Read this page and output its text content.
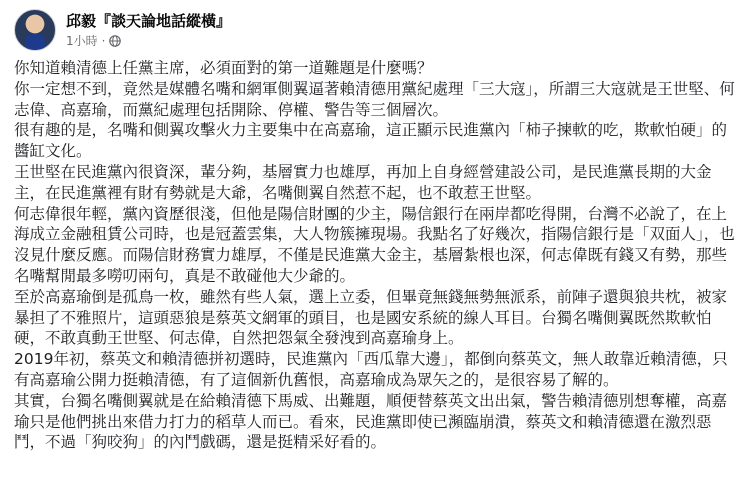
邱毅『談天論地話縱橫』
1小時 ·

你知道賴清德上任黨主席，必須面對的第一道難題是什麼嗎？

你一定想不到，竟然是媒體名嘴和網軍側翼逼著賴清德用黨紀處理「三大寇」，所謂三大寇就是王世堅、何志偉、高嘉瑜，而黨紀處理包括開除、停權、警告等三個層次。

很有趣的是，名嘴和側翼攻擊火力主要集中在高嘉瑜，這正顯示民進黨內「柿子揀軟的吃，欺軟怕硬」的醬缸文化。

王世堅在民進黨內很資深，輩分夠，基層實力也雄厚，再加上自身經營建設公司，是民進黨長期的大金主，在民進黨裡有財有勢就是大爺，名嘴側翼自然惹不起，也不敢惹王世堅。

何志偉很年輕，黨內資歷很淺，但他是陽信財團的少主，陽信銀行在兩岸都吃得開，台灣不必說了，在上海成立金融租賃公司時，也是冠蓋雲集，大人物簇擁現場。我點名了好幾次，指陽信銀行是「双面人」，也沒見什麼反應。而陽信財務實力雄厚，不僅是民進黨大金主，基層紮根也深，何志偉既有錢又有勢，那些名嘴幫閒最多嘮叨兩句，真是不敢碰他大少爺的。

至於高嘉瑜倒是孤鳥一枚，雖然有些人氣，選上立委，但畢竟無錢無勢無派系，前陣子還與狼共枕，被家暴担了不雅照片，這頭惡狼是蔡英文網軍的頭目，也是國安系統的線人耳目。台獨名嘴側翼既然欺軟怕硬，不敢真動王世堅、何志偉，自然把怨氣全發洩到高嘉瑜身上。

2019年初，蔡英文和賴清德拼初選時，民進黨內「西瓜靠大邊」，都倒向蔡英文，無人敢靠近賴清德，只有高嘉瑜公開力挺賴清德，有了這個新仇舊恨，高嘉瑜成為眾矢之的，是很容易了解的。

其實，台獨名嘴側翼就是在給賴清德下馬威、出難題，順便替蔡英文出出氣，警告賴清德別想奪權，高嘉瑜只是他們挑出來借力打力的稻草人而已。看來，民進黨即使已瀕臨崩潰，蔡英文和賴清德還在激烈惡鬥，不過「狗咬狗」的內鬥戲碼，還是挺精采好看的。
